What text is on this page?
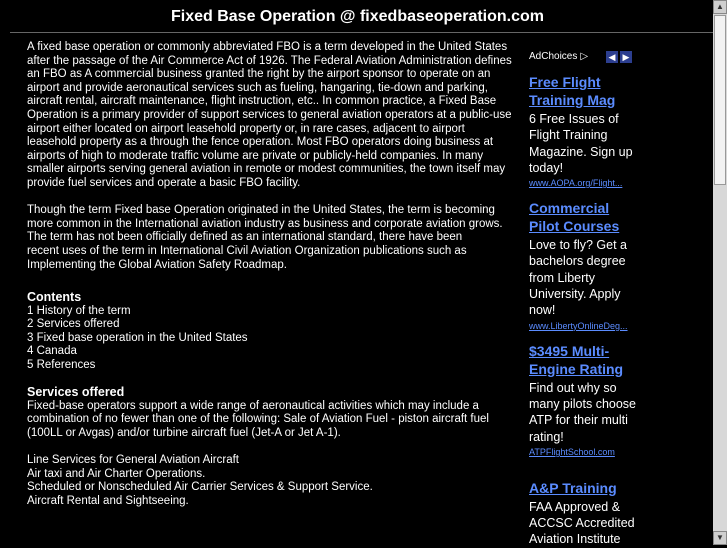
Fixed Base Operation @ fixedbaseoperation.com

A fixed base operation or commonly abbreviated FBO is a term developed in the United States after the passage of the Air Commerce Act of 1926. The Federal Aviation Administration defines an FBO as A commercial business granted the right by the airport sponsor to operate on an airport and provide aeronautical services such as fueling, hangaring, tie-down and parking, aircraft rental, aircraft maintenance, flight instruction, etc.. In common practice, a Fixed Base Operation is a primary provider of support services to general aviation operators at a public-use airport either located on airport leasehold property or, in rare cases, adjacent to airport leasehold property as a through the fence operation. Most FBO operators doing business at airports of high to moderate traffic volume are private or publicly-held companies. In many smaller airports serving general aviation in remote or modest communities, the town itself may provide fuel services and operate a basic FBO facility.

Though the term Fixed base Operation originated in the United States, the term is becoming more common in the International aviation industry as business and corporate aviation grows. The term has not been officially defined as an international standard, there have been

recent uses of the term in International Civil Aviation Organization publications such as Implementing the Global Aviation Safety Roadmap.

Contents
1 History of the term
2 Services offered
3 Fixed base operation in the United States
4 Canada
5 References
Services offered

Fixed-base operators support a wide range of aeronautical activities which may include a combination of no fewer than one of the following: Sale of Aviation Fuel - piston aircraft fuel (100LL or Avgas) and/or turbine aircraft fuel (Jet-A or Jet A-1).

Line Services for General Aviation Aircraft
Air taxi and Air Charter Operations.
Scheduled or Nonscheduled Air Carrier Services & Support Service.
Aircraft Rental and Sightseeing.
AdChoices ▷ ◀ ▶
Free Flight Training Mag
6 Free Issues of Flight Training Magazine. Sign up today!
www.AOPA.org/Flight...
Commercial Pilot Courses
Love to fly? Get a bachelors degree from Liberty University. Apply now!
www.LibertyOnlineDeg...
$3495 Multi-Engine Rating
Find out why so many pilots choose ATP for their multi rating!
ATPFlightSchool.com
A&P Training
FAA Approved & ACCSC Accredited Aviation Institute
▲
▼
